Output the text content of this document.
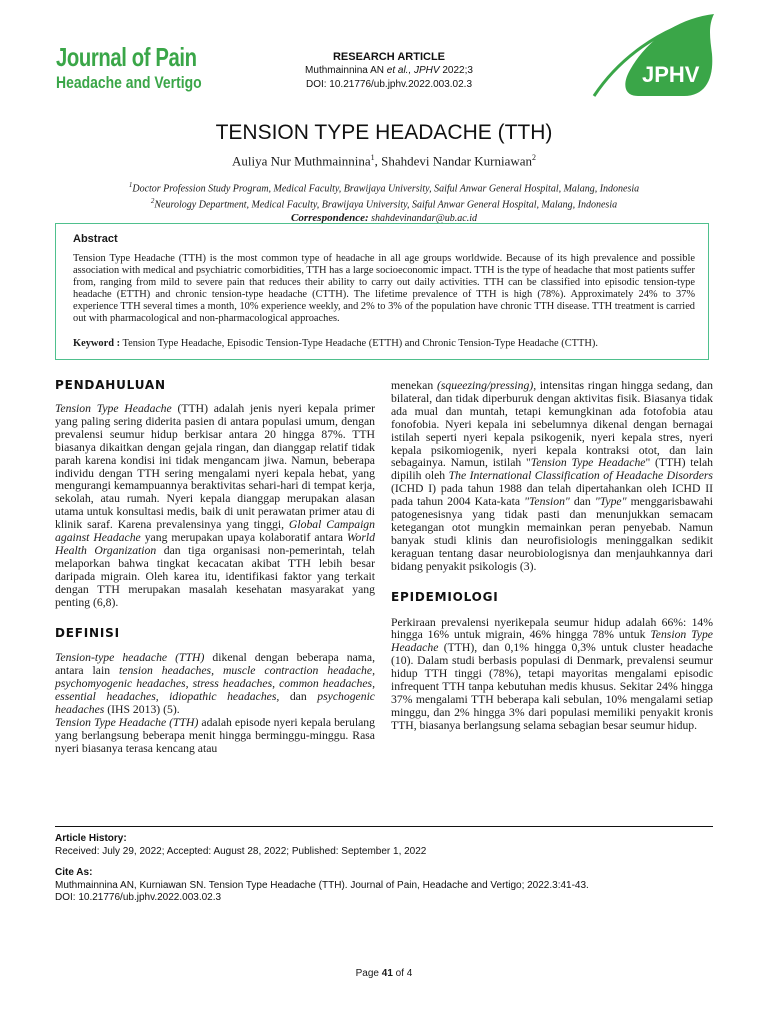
Journal of Pain
Headache and Vertigo
RESEARCH ARTICLE
Muthmainnina AN et al., JPHV 2022;3
DOI: 10.21776/ub.jphv.2022.003.02.3	JPHV
TENSION TYPE HEADACHE (TTH)
Auliya Nur Muthmainnina$^1$, Shahdevi Nandar Kurniawan$^2$
$^1$Doctor Profession Study Program, Medical Faculty, Brawijaya University, Saiful Anwar General Hospital, Malang, Indonesia
$^2$Neurology Department, Medical Faculty, Brawijaya University, Saiful Anwar General Hospital, Malang, Indonesia
Correspondence: shahdevinandar@ub.ac.id
Abstract
Tension Type Headache (TTH) is the most common type of headache in all age groups worldwide. Because of its high prevalence and possible association with medical and psychiatric comorbidities, TTH has a large socioeconomic impact. TTH is the type of headache that most patients suffer from, ranging from mild to severe pain that reduces their ability to carry out daily activities. TTH can be classified into episodic tension-type headache (ETTH) and chronic tension-type headache (CTTH). The lifetime prevalence of TTH is high (78%). Approximately 24% to 37% experience TTH several times a month, 10% experience weekly, and 2% to 3% of the population have chronic TTH disease. TTH treatment is carried out with pharmacological and non-pharmacological approaches.
Keyword : Tension Type Headache, Episodic Tension-Type Headache (ETTH) and Chronic Tension-Type Headache (CTTH).
PENDAHULUAN

Tension Type Headache (TTH) adalah jenis nyeri kepala primer yang paling sering diderita pasien di antara populasi umum, dengan prevalensi seumur hidup berkisar antara 20 hingga 87%. TTH biasanya dikaitkan dengan gejala ringan, dan dianggap relatif tidak parah karena kondisi ini tidak mengancam jiwa. Namun, beberapa individu dengan TTH sering mengalami nyeri kepala hebat, yang mengurangi kemampuannya beraktivitas sehari-hari di tempat kerja, sekolah, atau rumah. Nyeri kepala dianggap merupakan alasan utama untuk konsultasi medis, baik di unit perawatan primer atau di klinik saraf. Karena prevalensinya yang tinggi, Global Campaign against Headache yang merupakan upaya kolaboratif antara World Health Organization dan tiga organisasi non-pemerintah, telah melaporkan bahwa tingkat kecacatan akibat TTH lebih besar daripada migrain. Oleh karea itu, identifikasi faktor yang terkait dengan TTH merupakan masalah kesehatan masyarakat yang penting (6,8).

DEFINISI

Tension-type headache (TTH) dikenal dengan beberapa nama, antara lain tension headaches, muscle contraction headache, psychomyogenic headaches, stress headaches, common headaches, essential headaches, idiopathic headaches, dan psychogenic headaches (IHS 2013) (5).

Tension Type Headache (TTH) adalah episode nyeri kepala berulang yang berlangsung beberapa menit hingga berminggu-minggu. Rasa nyeri biasanya terasa kencang atau

menekan (squeezing/pressing), intensitas ringan hingga sedang, dan bilateral, dan tidak diperburuk dengan aktivitas fisik. Biasanya tidak ada mual dan muntah, tetapi kemungkinan ada fotofobia atau fonofobia. Nyeri kepala ini sebelumnya dikenal dengan bernagai istilah seperti nyeri kepala psikogenik, nyeri kepala stres, nyeri kepala psikomiogenik, nyeri kepala kontraksi otot, dan lain sebagainya. Namun, istilah "Tension Type Headache" (TTH) telah dipilih oleh The International Classification of Headache Disorders (ICHD I) pada tahun 1988 dan telah dipertahankan oleh ICHD II pada tahun 2004 Kata-kata "Tension" dan "Type" menggarisbawahi patogenesisnya yang tidak pasti dan menunjukkan semacam ketegangan otot mungkin memainkan peran penyebab. Namun banyak studi klinis dan neurofisiologis meninggalkan sedikit keraguan tentang dasar neurobiologisnya dan menjauhkannya dari bidang penyakit psikologis (3).

EPIDEMIOLOGI

Perkiraan prevalensi nyerikepala seumur hidup adalah 66%: 14% hingga 16% untuk migrain, 46% hingga 78% untuk Tension Type Headache (TTH), dan 0,1% hingga 0,3% untuk cluster headache (10). Dalam studi berbasis populasi di Denmark, prevalensi seumur hidup TTH tinggi (78%), tetapi mayoritas mengalami episodic infrequent TTH tanpa kebutuhan medis khusus. Sekitar 24% hingga 37% mengalami TTH beberapa kali sebulan, 10% mengalami setiap minggu, dan 2% hingga 3% dari populasi memiliki penyakit kronis TTH, biasanya berlangsung selama sebagian besar seumur hidup.

Article History:
Received: July 29, 2022; Accepted: August 28, 2022; Published: September 1, 2022
Cite As:
Muthmainnina AN, Kurniawan SN. Tension Type Headache (TTH). Journal of Pain, Headache and Vertigo; 2022.3:41-43.
DOI: 10.21776/ub.jphv.2022.003.02.3
Page 41 of 4
